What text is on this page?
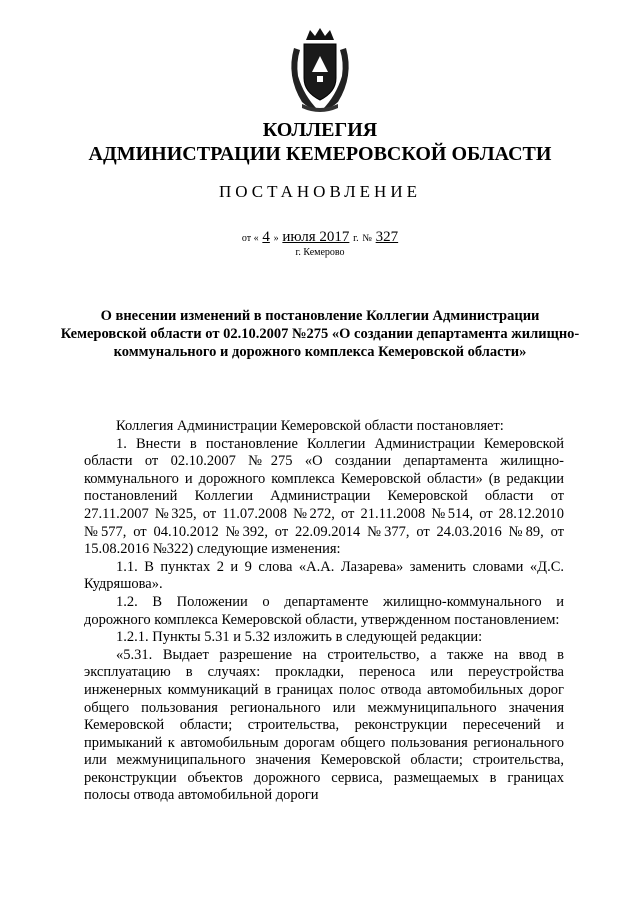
КОЛЛЕГИЯ
АДМИНИСТРАЦИИ КЕМЕРОВСКОЙ ОБЛАСТИ
ПОСТАНОВЛЕНИЕ
от « 4 » июля 2017 г. № 327
г. Кемерово
О внесении изменений в постановление Коллегии Администрации Кемеровской области от 02.10.2007 №275 «О создании департамента жилищно-коммунального и дорожного комплекса Кемеровской области»

Коллегия Администрации Кемеровской области постановляет:

1. Внести в постановление Коллегии Администрации Кемеровской области от 02.10.2007 №275 «О создании департамента жилищно-коммунального и дорожного комплекса Кемеровской области» (в редакции постановлений Коллегии Администрации Кемеровской области от 27.11.2007 №325, от 11.07.2008 №272, от 21.11.2008 №514, от 28.12.2010 №577, от 04.10.2012 №392, от 22.09.2014 №377, от 24.03.2016 №89, от 15.08.2016 №322) следующие изменения:

1.1. В пунктах 2 и 9 слова «А.А. Лазарева» заменить словами «Д.С. Кудряшова».

1.2. В Положении о департаменте жилищно-коммунального и дорожного комплекса Кемеровской области, утвержденном постановлением:

1.2.1. Пункты 5.31 и 5.32 изложить в следующей редакции:

«5.31. Выдает разрешение на строительство, а также на ввод в эксплуатацию в случаях: прокладки, переноса или переустройства инженерных коммуникаций в границах полос отвода автомобильных дорог общего пользования регионального или межмуниципального значения Кемеровской области; строительства, реконструкции пересечений и примыканий к автомобильным дорогам общего пользования регионального или межмуниципального значения Кемеровской области; строительства, реконструкции объектов дорожного сервиса, размещаемых в границах полосы отвода автомобильной дороги
